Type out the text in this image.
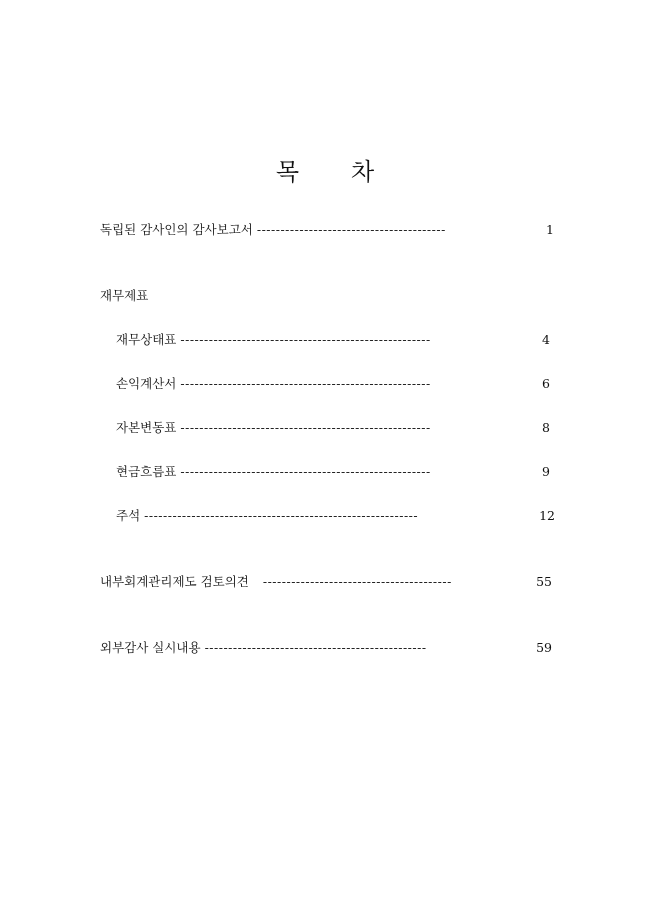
목 차
독립된 감사인의 감사보고서 ----------------------------------------	1
재무제표
재무상태표 -----------------------------------------------------	4
손익계산서 -----------------------------------------------------	6
자본변동표 -----------------------------------------------------	8
현금흐름표 -----------------------------------------------------	9
주석 ----------------------------------------------------------	12
내부회계관리제도 검토의견 ----------------------------------------	55
외부감사 실시내용 -----------------------------------------------	59
